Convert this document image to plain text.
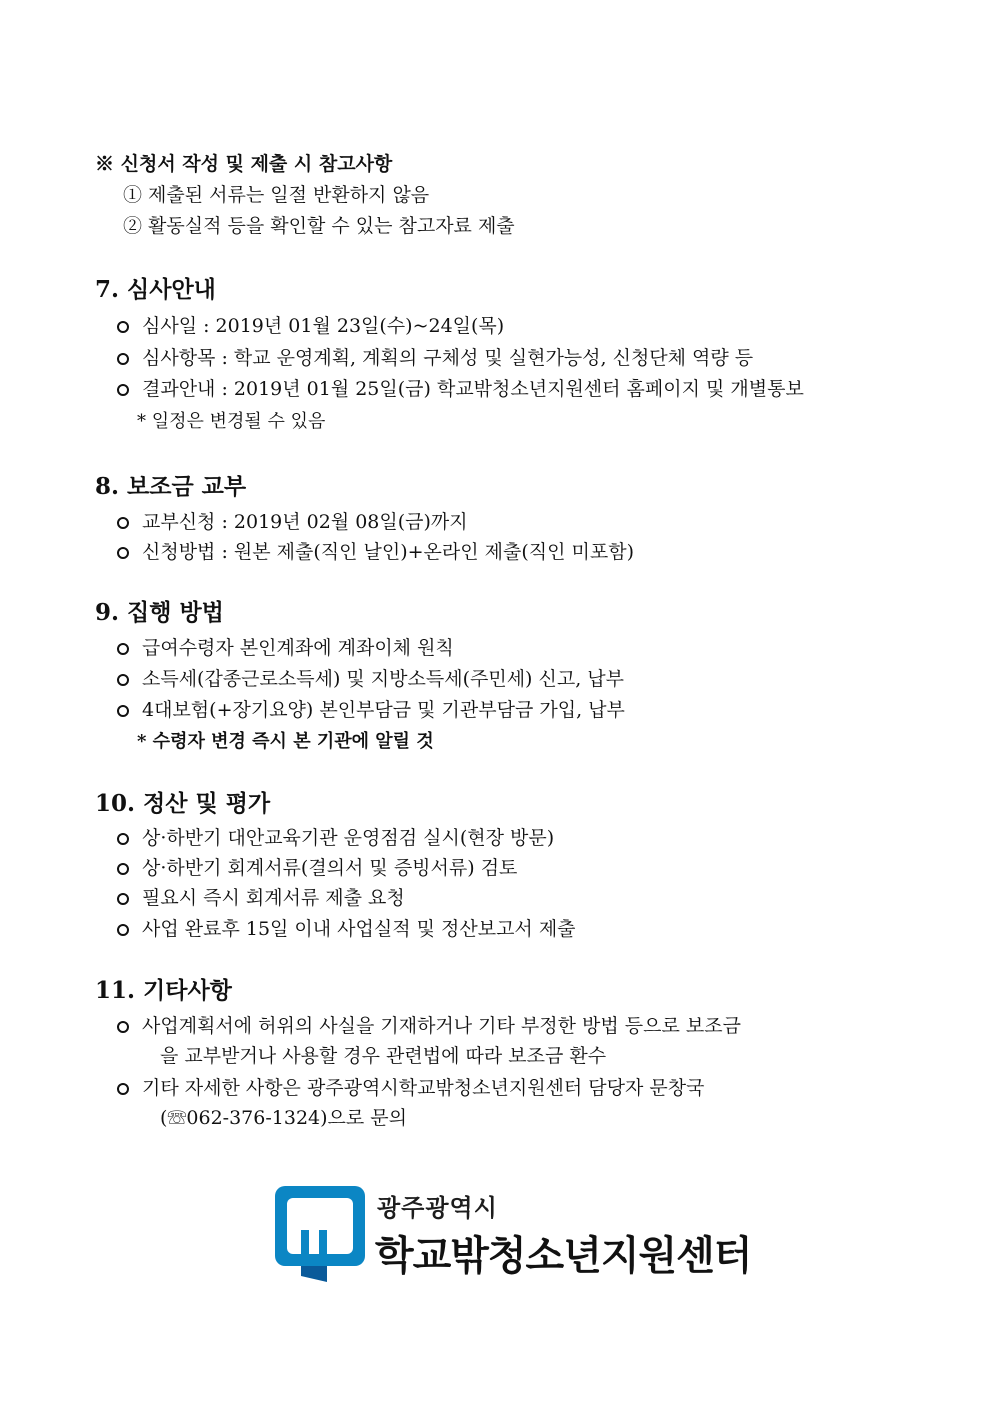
※ 신청서 작성 및 제출 시 참고사항
① 제출된 서류는 일절 반환하지 않음
② 활동실적 등을 확인할 수 있는 참고자료 제출
7. 심사안내
심사일 : 2019년 01월 23일(수)~24일(목)
심사항목 : 학교 운영계획, 계획의 구체성 및 실현가능성, 신청단체 역량 등
결과안내 : 2019년 01월 25일(금) 학교밖청소년지원센터 홈페이지 및 개별통보
* 일정은 변경될 수 있음
8. 보조금 교부
교부신청 : 2019년 02월 08일(금)까지
신청방법 : 원본 제출(직인 날인)+온라인 제출(직인 미포함)
9. 집행 방법
급여수령자 본인계좌에 계좌이체 원칙
소득세(갑종근로소득세) 및 지방소득세(주민세) 신고, 납부
4대보험(+장기요양) 본인부담금 및 기관부담금 가입, 납부
* 수령자 변경 즉시 본 기관에 알릴 것
10. 정산 및 평가
상·하반기 대안교육기관 운영점검 실시(현장 방문)
상·하반기 회계서류(결의서 및 증빙서류) 검토
필요시 즉시 회계서류 제출 요청
사업 완료후 15일 이내 사업실적 및 정산보고서 제출
11. 기타사항
사업계획서에 허위의 사실을 기재하거나 기타 부정한 방법 등으로 보조금
을 교부받거나 사용할 경우 관련법에 따라 보조금 환수
기타 자세한 사항은 광주광역시학교밖청소년지원센터 담당자 문창국
(☏062-376-1324)으로 문의
광주광역시
학교밖청소년지원센터
